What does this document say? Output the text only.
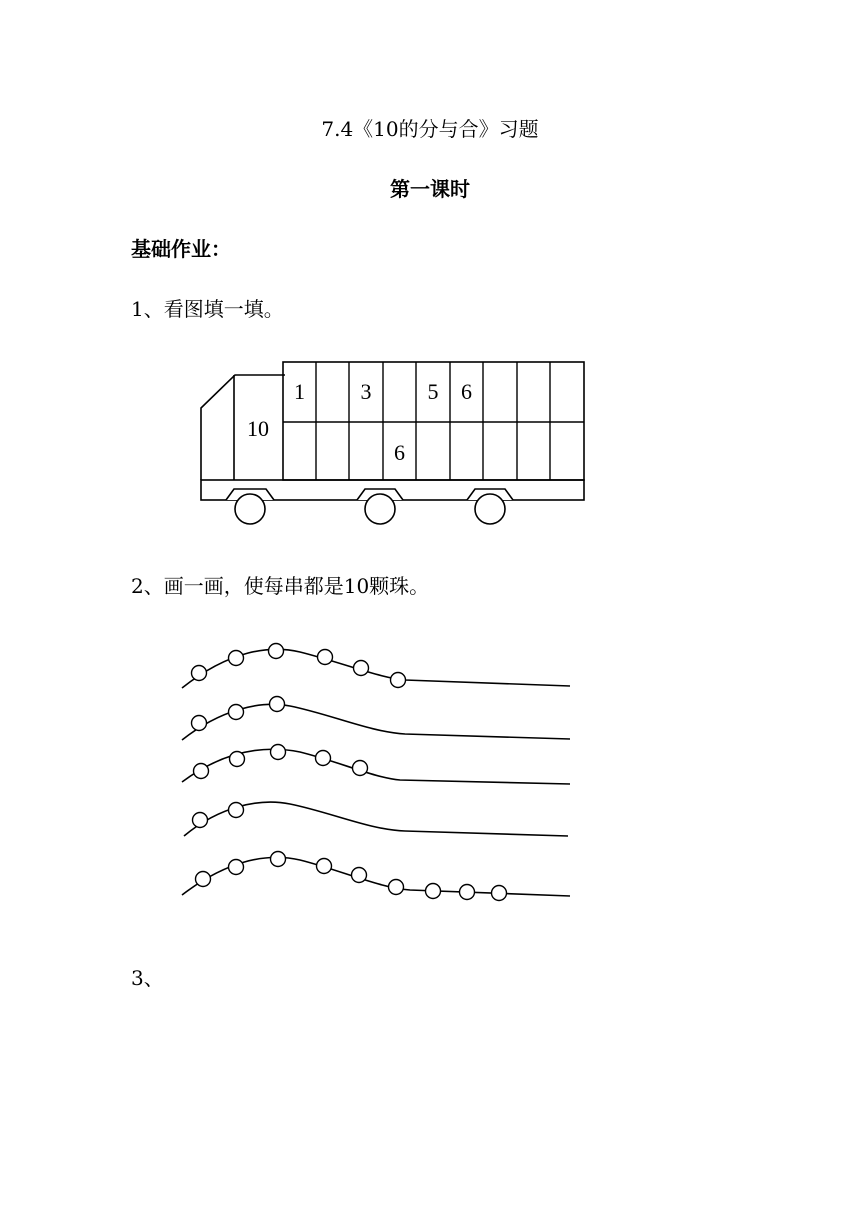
7.4《10的分与合》习题
第一课时
基础作业：
1、看图填一填。
1	3	5 6
6
10
2、画一画，使每串都是10颗珠。
3、
